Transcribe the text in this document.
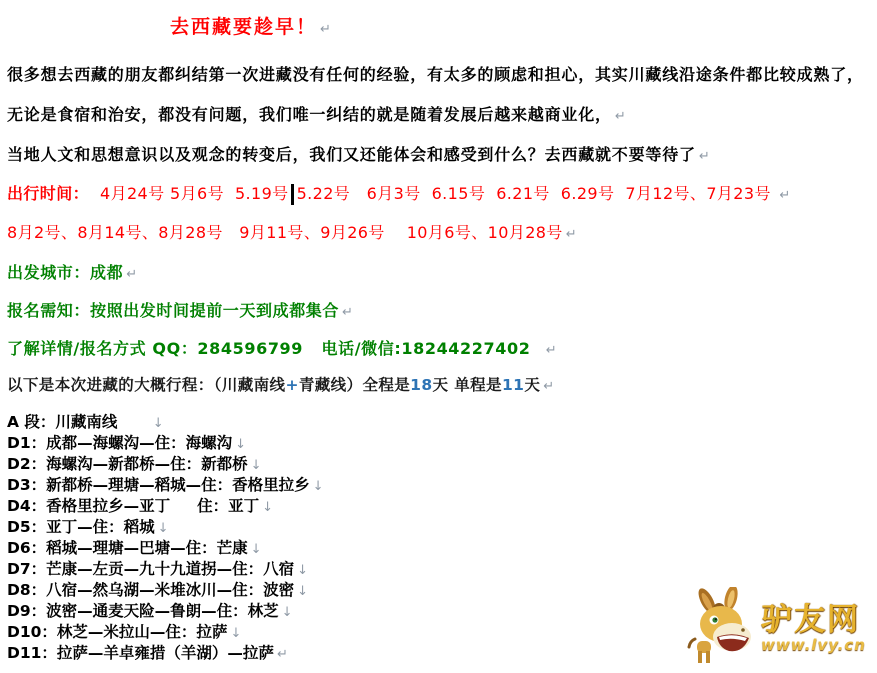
去西藏要趁早！ ↵
很多想去西藏的朋友都纠结第一次进藏没有任何的经验，有太多的顾虑和担心，其实川藏线沿途条件都比较成熟了，
无论是食宿和治安，都没有问题，我们唯一纠结的就是随着发展后越来越商业化， ↵
当地人文和思想意识以及观念的转变后，我们又还能体会和感受到什么？去西藏就不要等待了 ↵
出行时间：  4月24号 5月6号  5.19号 5.22号   6月3号  6.15号  6.21号  6.29号  7月12号、7月23号 ↵
8月2号、8月14号、8月28号   9月11号、9月26号    10月6号、10月28号 ↵
出发城市：成都 ↵
报名需知：按照出发时间提前一天到成都集合 ↵
了解详情/报名方式 QQ：284596799   电话/微信:18244227402  ↵
以下是本次进藏的大概行程：（川藏南线+青藏线）全程是18天 单程是11天 ↵
A 段：川藏南线      ↓
D1：成都—海螺沟—住：海螺沟 ↓
D2：海螺沟—新都桥—住：新都桥 ↓
D3：新都桥—理塘—稻城—住：香格里拉乡 ↓
D4：香格里拉乡—亚丁     住：亚丁 ↓
D5：亚丁—住：稻城 ↓
D6：稻城—理塘—巴塘—住：芒康 ↓
D7：芒康—左贡—九十九道拐—住：八宿 ↓
D8：八宿—然乌湖—米堆冰川—住：波密 ↓
D9：波密—通麦天险—鲁朗—住：林芝 ↓
D10：林芝—米拉山—住：拉萨 ↓
D11：拉萨—羊卓雍措（羊湖）—拉萨 ↵
驴友网
www.lvy.cn
